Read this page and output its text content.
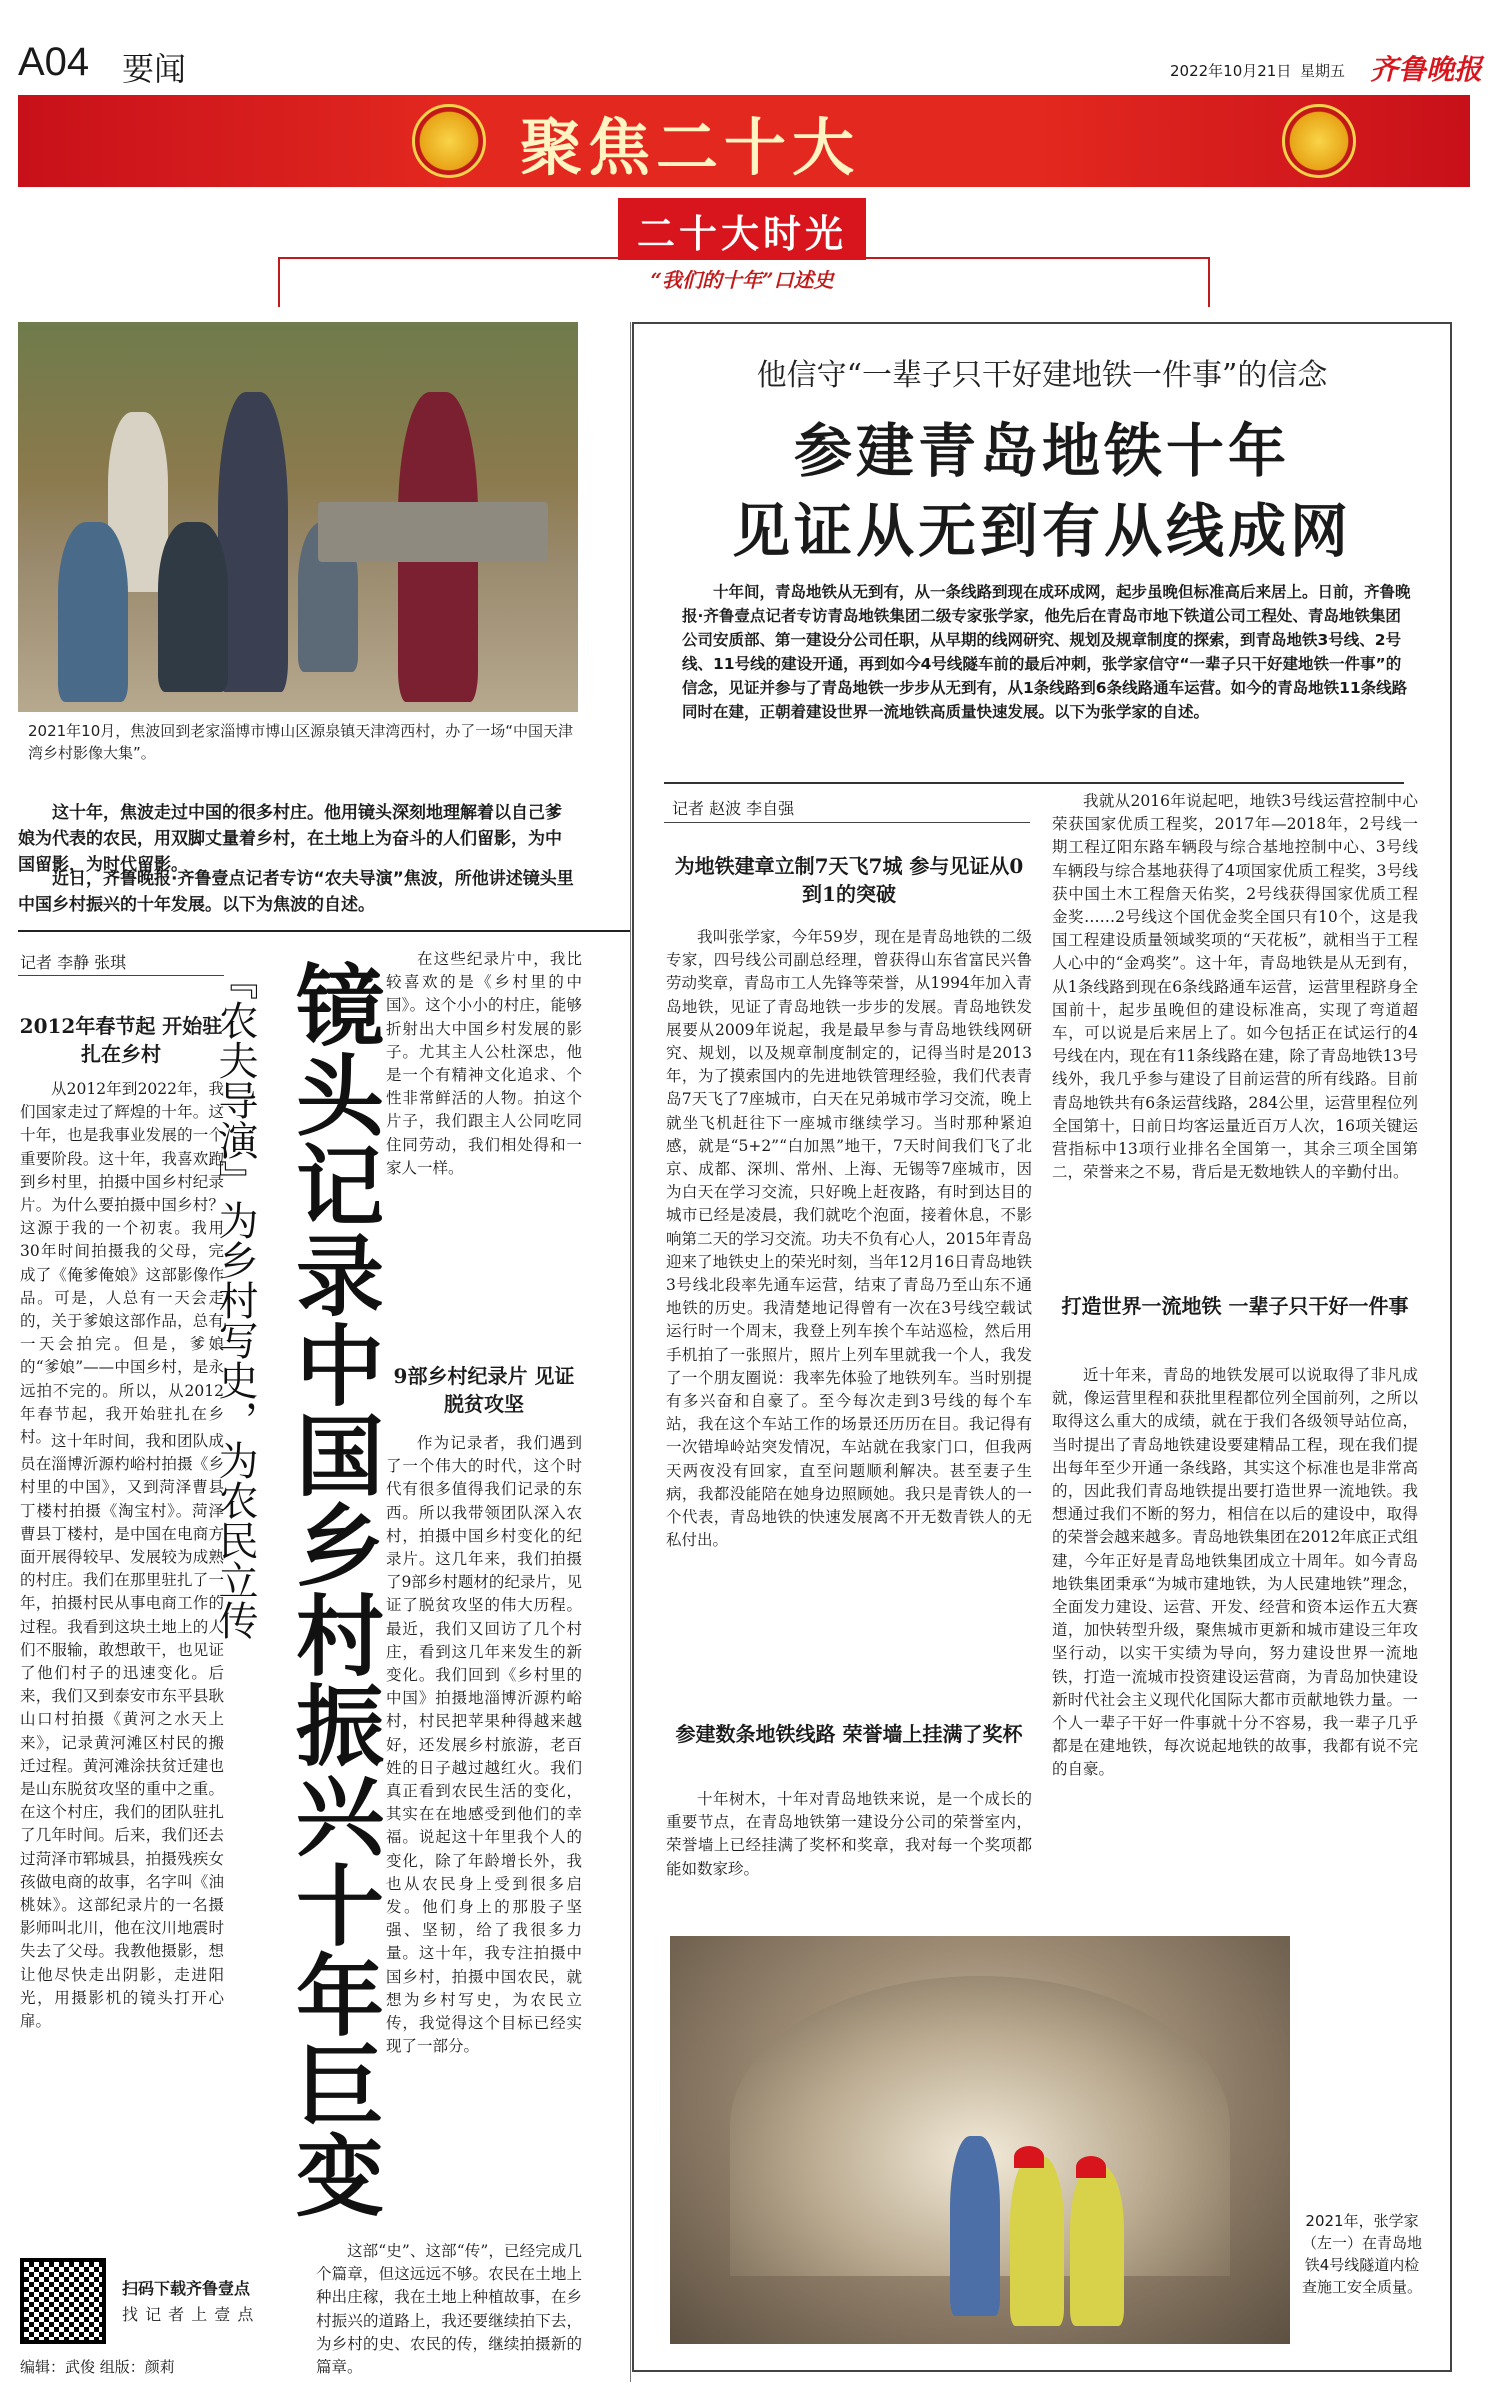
A04 要闻	2022年10月21日 星期五 齐鲁晚报
聚焦二十大
二十大时光
“我们的十年”口述史
2021年10月，焦波回到老家淄博市博山区源泉镇天津湾西村，办了一场“中国天津湾乡村影像大集”。
这十年，焦波走过中国的很多村庄。他用镜头深刻地理解着以自己爹娘为代表的农民，用双脚丈量着乡村，在土地上为奋斗的人们留影，为中国留影，为时代留影。
近日，齐鲁晚报·齐鲁壹点记者专访“农夫导演”焦波，所他讲述镜头里中国乡村振兴的十年发展。以下为焦波的自述。
记者 李静 张琪 镜头记录中国乡村振兴十年巨变
『农夫导演』为乡村写史，为农民立传
2012年春节起 开始驻扎在乡村
从2012年到2022年，我们国家走过了辉煌的十年。这十年，也是我事业发展的一个重要阶段。这十年，我喜欢跑到乡村里，拍摄中国乡村纪录片。为什么要拍摄中国乡村？这源于我的一个初衷。我用30年时间拍摄我的父母，完成了《俺爹俺娘》这部影像作品。可是，人总有一天会走的，关于爹娘这部作品，总有一天会拍完。但是，爹娘的“爹娘”——中国乡村，是永远拍不完的。所以，从2012年春节起，我开始驻扎在乡村。 这十年时间，我和团队成员在淄博沂源杓峪村拍摄《乡村里的中国》，又到菏泽曹县丁楼村拍摄《淘宝村》。菏泽曹县丁楼村，是中国在电商方面开展得较早、发展较为成熟的村庄。我们在那里驻扎了一年，拍摄村民从事电商工作的过程。我看到这块土地上的人们不服输，敢想敢干，也见证了他们村子的迅速变化。后来，我们又到泰安市东平县耿山口村拍摄《黄河之水天上来》，记录黄河滩区村民的搬迁过程。黄河滩涂扶贫迁建也是山东脱贫攻坚的重中之重。在这个村庄，我们的团队驻扎了几年时间。后来，我们还去过菏泽市郓城县，拍摄残疾女孩做电商的故事，名字叫《油桃妹》。这部纪录片的一名摄影师叫北川，他在汶川地震时失去了父母。我教他摄影，想让他尽快走出阴影，走进阳光，用摄影机的镜头打开心扉。
在这些纪录片中，我比较喜欢的是《乡村里的中国》。这个小小的村庄，能够折射出大中国乡村发展的影子。尤其主人公杜深忠，他是一个有精神文化追求、个性非常鲜活的人物。拍这个片子，我们跟主人公同吃同住同劳动，我们相处得和一家人一样。
9部乡村纪录片 见证脱贫攻坚
作为记录者，我们遇到了一个伟大的时代，这个时代有很多值得我们记录的东西。所以我带领团队深入农村，拍摄中国乡村变化的纪录片。这几年来，我们拍摄了9部乡村题材的纪录片，见证了脱贫攻坚的伟大历程。最近，我们又回访了几个村庄，看到这几年来发生的新变化。我们回到《乡村里的中国》拍摄地淄博沂源杓峪村，村民把苹果种得越来越好，还发展乡村旅游，老百姓的日子越过越红火。我们真正看到农民生活的变化，其实在在地感受到他们的幸福。说起这十年里我个人的变化，除了年龄增长外，我也从农民身上受到很多启发。他们身上的那股子坚强、坚韧，给了我很多力量。这十年，我专注拍摄中国乡村，拍摄中国农民，就想为乡村写史，为农民立传，我觉得这个目标已经实现了一部分。
这部“史”、这部“传”，已经完成几个篇章，但这远远不够。农民在土地上种出庄稼，我在土地上种植故事，在乡村振兴的道路上，我还要继续拍下去，为乡村的史、农民的传，继续拍摄新的篇章。
扫码下载齐鲁壹点
找 记 者 上 壹 点
编辑：武俊 组版：颜莉
他信守“一辈子只干好建地铁一件事”的信念
参建青岛地铁十年
见证从无到有从线成网
十年间，青岛地铁从无到有，从一条线路到现在成环成网，起步虽晚但标准高后来居上。日前，齐鲁晚报·齐鲁壹点记者专访青岛地铁集团二级专家张学家，他先后在青岛市地下铁道公司工程处、青岛地铁集团公司安质部、第一建设分公司任职，从早期的线网研究、规划及规章制度的探索，到青岛地铁3号线、2号线、11号线的建设开通，再到如今4号线隧车前的最后冲刺，张学家信守“一辈子只干好建地铁一件事”的信念，见证并参与了青岛地铁一步步从无到有，从1条线路到6条线路通车运营。如今的青岛地铁11条线路同时在建，正朝着建设世界一流地铁高质量快速发展。以下为张学家的自述。
记者 赵波 李自强
为地铁建章立制7天飞7城 参与见证从0到1的突破
我叫张学家，今年59岁，现在是青岛地铁的二级专家，四号线公司副总经理，曾获得山东省富民兴鲁劳动奖章，青岛市工人先锋等荣誉，从1994年加入青岛地铁，见证了青岛地铁一步步的发展。青岛地铁发展要从2009年说起，我是最早参与青岛地铁线网研究、规划，以及规章制度制定的，记得当时是2013年，为了摸索国内的先进地铁管理经验，我们代表青岛7天飞了7座城市，白天在兄弟城市学习交流，晚上就坐飞机赶往下一座城市继续学习。当时那种紧迫感，就是“5+2”“白加黑”地干，7天时间我们飞了北京、成都、深圳、常州、上海、无锡等7座城市，因为白天在学习交流，只好晚上赶夜路，有时到达目的城市已经是凌晨，我们就吃个泡面，接着休息，不影响第二天的学习交流。功夫不负有心人，2015年青岛迎来了地铁史上的荣光时刻，当年12月16日青岛地铁3号线北段率先通车运营，结束了青岛乃至山东不通地铁的历史。我清楚地记得曾有一次在3号线空载试运行时一个周末，我登上列车挨个车站巡检，然后用手机拍了一张照片，照片上列车里就我一个人，我发了一个朋友圈说：我率先体验了地铁列车。当时别提有多兴奋和自豪了。至今每次走到3号线的每个车站，我在这个车站工作的场景还历历在目。我记得有一次错埠岭站突发情况，车站就在我家门口，但我两天两夜没有回家，直至问题顺利解决。甚至妻子生病，我都没能陪在她身边照顾她。我只是青铁人的一个代表，青岛地铁的快速发展离不开无数青铁人的无私付出。
参建数条地铁线路 荣誉墙上挂满了奖杯
十年树木，十年对青岛地铁来说，是一个成长的重要节点，在青岛地铁第一建设分公司的荣誉室内，荣誉墙上已经挂满了奖杯和奖章，我对每一个奖项都能如数家珍。
我就从2016年说起吧，地铁3号线运营控制中心荣获国家优质工程奖，2017年—2018年，2号线一期工程辽阳东路车辆段与综合基地控制中心、3号线车辆段与综合基地获得了4项国家优质工程奖，3号线获中国土木工程詹天佑奖，2号线获得国家优质工程金奖……2号线这个国优金奖全国只有10个，这是我国工程建设质量领域奖项的“天花板”，就相当于工程人心中的“金鸡奖”。这十年，青岛地铁是从无到有，从1条线路到现在6条线路通车运营，运营里程跻身全国前十，起步虽晚但的建设标准高，实现了弯道超车，可以说是后来居上了。如今包括正在试运行的4号线在内，现在有11条线路在建，除了青岛地铁13号线外，我几乎参与建设了目前运营的所有线路。目前青岛地铁共有6条运营线路，284公里，运营里程位列全国第十，日前日均客运量近百万人次，16项关键运营指标中13项行业排名全国第一，其余三项全国第二，荣誉来之不易，背后是无数地铁人的辛勤付出。
打造世界一流地铁 一辈子只干好一件事
近十年来，青岛的地铁发展可以说取得了非凡成就，像运营里程和获批里程都位列全国前列，之所以取得这么重大的成绩，就在于我们各级领导站位高，当时提出了青岛地铁建设要建精品工程，现在我们提出每年至少开通一条线路，其实这个标准也是非常高的，因此我们青岛地铁提出要打造世界一流地铁。我想通过我们不断的努力，相信在以后的建设中，取得的荣誉会越来越多。青岛地铁集团在2012年底正式组建，今年正好是青岛地铁集团成立十周年。如今青岛地铁集团秉承“为城市建地铁，为人民建地铁”理念，全面发力建设、运营、开发、经营和资本运作五大赛道，加快转型升级，聚焦城市更新和城市建设三年攻坚行动，以实干实绩为导向，努力建设世界一流地铁，打造一流城市投资建设运营商，为青岛加快建设新时代社会主义现代化国际大都市贡献地铁力量。一个人一辈子干好一件事就十分不容易，我一辈子几乎都是在建地铁，每次说起地铁的故事，我都有说不完的自豪。
2021年，张学家（左一）在青岛地铁4号线隧道内检查施工安全质量。
